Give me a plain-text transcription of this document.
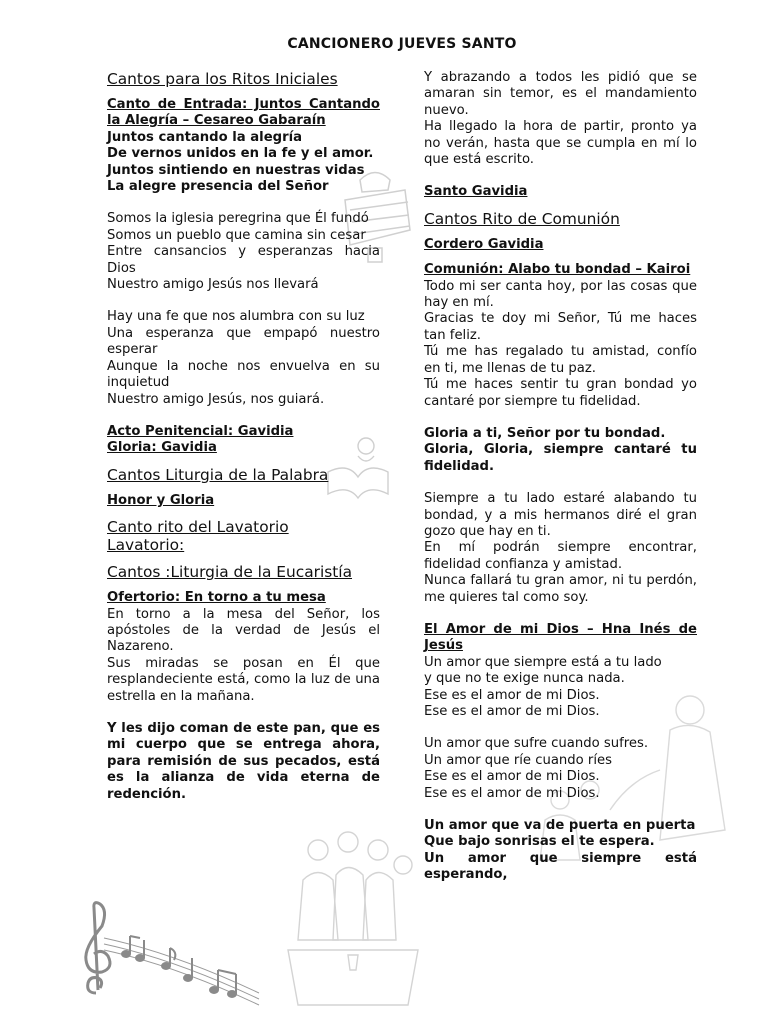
CANCIONERO JUEVES SANTO

Cantos para los Ritos Iniciales

Canto de Entrada: Juntos Cantando la Alegría – Cesareo Gabaraín

Juntos cantando la alegría

De vernos unidos en la fe y el amor.

Juntos sintiendo en nuestras vidas

La alegre presencia del Señor

Somos la iglesia peregrina que Él fundó

Somos un pueblo que camina sin cesar

Entre cansancios y esperanzas hacia Dios

Nuestro amigo Jesús nos llevará

Hay una fe que nos alumbra con su luz

Una esperanza que empapó nuestro esperar

Aunque la noche nos envuelva en su inquietud

Nuestro amigo Jesús, nos guiará.

Acto Penitencial: Gavidia

Gloria: Gavidia

Cantos Liturgia de la Palabra

Honor y Gloria

Canto rito del Lavatorio

Lavatorio:

Cantos :Liturgia de la Eucaristía

Ofertorio: En torno a tu mesa

En torno a la mesa del Señor, los apóstoles de la verdad de Jesús el Nazareno.

Sus miradas se posan en Él que resplandeciente está, como la luz de una estrella en la mañana.

Y les dijo coman de este pan, que es mi cuerpo que se entrega ahora, para remisión de sus pecados, está es la alianza de vida eterna de redención.

Y abrazando a todos les pidió que se amaran sin temor, es el mandamiento nuevo.

Ha llegado la hora de partir, pronto ya no verán, hasta que se cumpla en mí lo que está escrito.

Santo Gavidia

Cantos Rito de Comunión

Cordero Gavidia

Comunión: Alabo tu bondad – Kairoi

Todo mi ser canta hoy, por las cosas que hay en mí.

Gracias te doy mi Señor, Tú me haces tan feliz.

Tú me has regalado tu amistad, confío en ti, me llenas de tu paz.

Tú me haces sentir tu gran bondad yo cantaré por siempre tu fidelidad.

Gloria a ti, Señor por tu bondad.

Gloria, Gloria, siempre cantaré tu fidelidad.

Siempre a tu lado estaré alabando tu bondad, y a mis hermanos diré el gran gozo que hay en ti.

En mí podrán siempre encontrar, fidelidad confianza y amistad.

Nunca fallará tu gran amor, ni tu perdón, me quieres tal como soy.

El Amor de mi Dios – Hna Inés de Jesús

Un amor que siempre está a tu lado

y que no te exige nunca nada.

Ese es el amor de mi Dios.

Ese es el amor de mi Dios.

Un amor que sufre cuando sufres.

Un amor que ríe cuando ríes

Ese es el amor de mi Dios.

Ese es el amor de mi Dios.

Un amor que va de puerta en puerta

Que bajo sonrisas el te espera.

Un amor que siempre está esperando,
